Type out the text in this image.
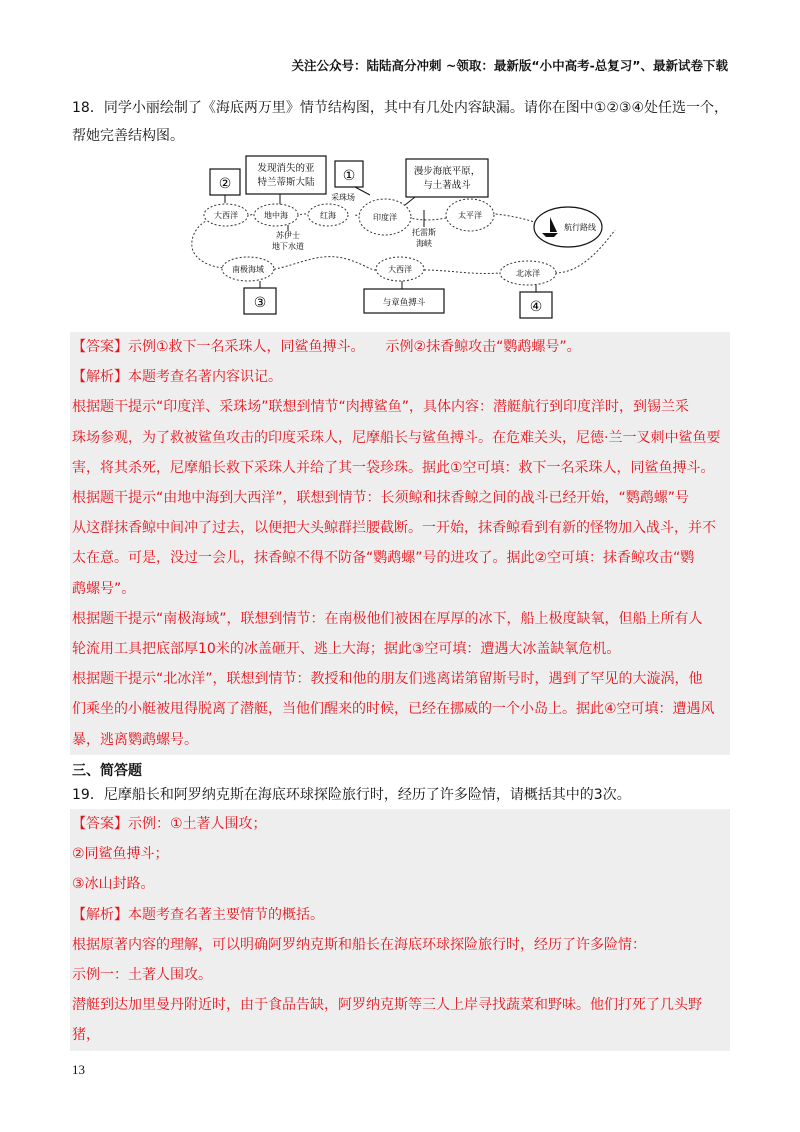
关注公众号：陆陆高分冲刺 ~领取：最新版“小中高考-总复习”、最新试卷下载
18．同学小丽绘制了《海底两万里》情节结构图，其中有几处内容缺漏。请你在图中①②③④处任选一个，
帮她完善结构图。
发现消失的亚
特兰蒂斯大陆 ①
采珠场
漫步海底平原，
与土著战斗
②
大西洋	地中海	红海	印度洋	太平洋
苏伊士
地下水道
托雷斯
海峡
航行路线
南极海域	大西洋	北冰洋
③	与章鱼搏斗	④

【答案】示例①救下一名采珠人，同鲨鱼搏斗。　　示例②抹香鲸攻击“鹦鹉螺号”。

【解析】本题考查名著内容识记。

根据题干提示“印度洋、采珠场”联想到情节“肉搏鲨鱼”，具体内容：潜艇航行到印度洋时，到锡兰采

珠场参观，为了救被鲨鱼攻击的印度采珠人，尼摩船长与鲨鱼搏斗。在危难关头，尼德·兰一叉刺中鲨鱼要

害，将其杀死，尼摩船长救下采珠人并给了其一袋珍珠。据此①空可填：救下一名采珠人，同鲨鱼搏斗。

根据题干提示“由地中海到大西洋”，联想到情节：长须鲸和抹香鲸之间的战斗已经开始，“鹦鹉螺”号

从这群抹香鲸中间冲了过去，以便把大头鲸群拦腰截断。一开始，抹香鲸看到有新的怪物加入战斗，并不

太在意。可是，没过一会儿，抹香鲸不得不防备“鹦鹉螺”号的进攻了。据此②空可填：抹香鲸攻击“鹦

鹉螺号”。

根据题干提示“南极海域”，联想到情节：在南极他们被困在厚厚的冰下，船上极度缺氧，但船上所有人

轮流用工具把底部厚10米的冰盖砸开、逃上大海；据此③空可填：遭遇大冰盖缺氧危机。

根据题干提示“北冰洋”，联想到情节：教授和他的朋友们逃离诺第留斯号时，遇到了罕见的大漩涡，他

们乘坐的小艇被甩得脱离了潜艇，当他们醒来的时候，已经在挪威的一个小岛上。据此④空可填：遭遇风

暴，逃离鹦鹉螺号。

三、简答题
19．尼摩船长和阿罗纳克斯在海底环球探险旅行时，经历了许多险情，请概括其中的3次。

【答案】示例：①土著人围攻；

②同鲨鱼搏斗；

③冰山封路。

【解析】本题考查名著主要情节的概括。

根据原著内容的理解，可以明确阿罗纳克斯和船长在海底环球探险旅行时，经历了许多险情：

示例一：土著人围攻。

潜艇到达加里曼丹附近时，由于食品告缺，阿罗纳克斯等三人上岸寻找蔬菜和野味。他们打死了几头野猪，

13
